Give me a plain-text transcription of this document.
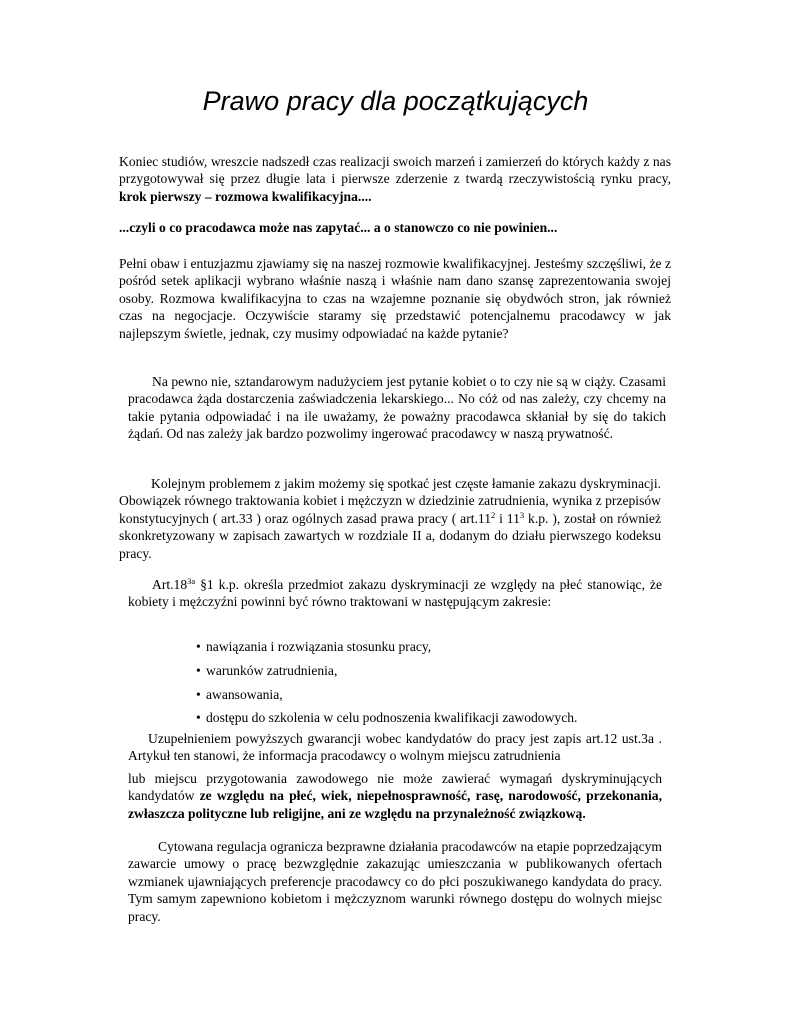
Prawo pracy dla początkujących

Koniec studiów, wreszcie nadszedł czas realizacji swoich marzeń i zamierzeń do których każdy z nas przygotowywał się przez długie lata i pierwsze zderzenie z twardą rzeczywistością rynku pracy, krok pierwszy – rozmowa kwalifikacyjna....

...czyli o co pracodawca może nas zapytać... a o stanowczo co nie powinien...

Pełni obaw i entuzjazmu zjawiamy się na naszej rozmowie kwalifikacyjnej. Jesteśmy szczęśliwi, że z pośród setek aplikacji wybrano właśnie naszą i właśnie nam dano szansę zaprezentowania swojej osoby. Rozmowa kwalifikacyjna to czas na wzajemne poznanie się obydwóch stron, jak również czas na negocjacje. Oczywiście staramy się przedstawić potencjalnemu pracodawcy w jak najlepszym świetle, jednak, czy musimy odpowiadać na każde pytanie?

Na pewno nie, sztandarowym nadużyciem jest pytanie kobiet o to czy nie są w ciąży. Czasami pracodawca żąda dostarczenia zaświadczenia lekarskiego... No cóż od nas zależy, czy chcemy na takie pytania odpowiadać i na ile uważamy, że poważny pracodawca skłaniał by się do takich żądań. Od nas zależy jak bardzo pozwolimy ingerować pracodawcy w naszą prywatność.

Kolejnym problemem z jakim możemy się spotkać jest częste łamanie zakazu dyskryminacji. Obowiązek równego traktowania kobiet i mężczyzn w dziedzinie zatrudnienia, wynika z przepisów konstytucyjnych ( art.33 ) oraz ogólnych zasad prawa pracy ( $art.11^2$ i $11^3$ k.p. ), został on również skonkretyzowany w zapisach zawartych w rozdziale II a, dodanym do działu pierwszego kodeksu pracy.

$Art.18^{3a}$ §1 k.p. określa przedmiot zakazu dyskryminacji ze względy na płeć stanowiąc, że kobiety i mężczyźni powinni być równo traktowani w następującym zakresie:

• nawiązania i rozwiązania stosunku pracy,
• warunków zatrudnienia,
• awansowania,
• dostępu do szkolenia w celu podnoszenia kwalifikacji zawodowych.

Uzupełnieniem powyższych gwarancji wobec kandydatów do pracy jest zapis art.12 ust.3a . Artykuł ten stanowi, że informacja pracodawcy o wolnym miejscu zatrudnienia

lub miejscu przygotowania zawodowego nie może zawierać wymagań dyskryminujących kandydatów ze względu na płeć, wiek, niepełnosprawność, rasę, narodowość, przekonania, zwłaszcza polityczne lub religijne, ani ze względu na przynależność związkową.

Cytowana regulacja ogranicza bezprawne działania pracodawców na etapie poprzedzającym zawarcie umowy o pracę bezwzględnie zakazując umieszczania w publikowanych ofertach wzmianek ujawniających preferencje pracodawcy co do płci poszukiwanego kandydata do pracy. Tym samym zapewniono kobietom i mężczyznom warunki równego dostępu do wolnych miejsc pracy.
